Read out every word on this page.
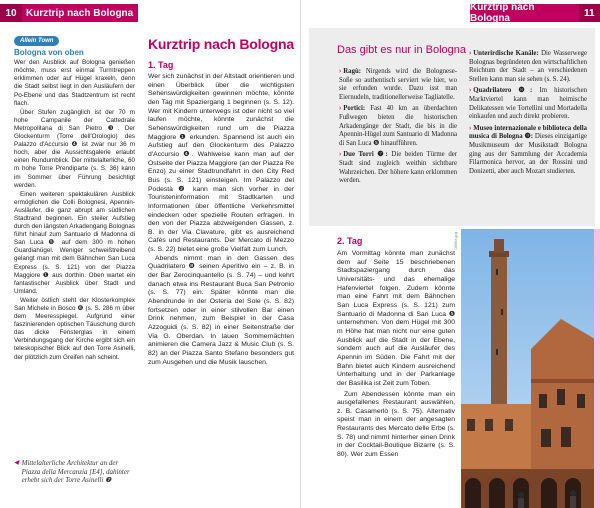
10 Kurztrip nach Bologna
Allein Town
Bologna von oben

Wer den Ausblick auf Bologna genießen möchte, muss erst einmal Turmtreppen erklimmen oder auf Hügel kraxeln, denn die Stadt selbst liegt in den Ausläufern der Po-Ebene und das Stadtzentrum ist recht flach.

Über Stufen zugänglich ist der 70 m hohe Campanile der Cattedrale Metropolitana di San Pietro ❸. Der Glockenturm (Torre dell'Orologio) des Palazzo d'Accursio ❹ ist zwar nur 36 m hoch, aber die Aussichtsgalerie erlaubt einen Rundumblick. Der mittelalterliche, 60 m hohe Torre Prendiparte (s. S. 36) kann im Sommer über Führung besichtigt werden.

Einen weiteren spektakulären Ausblick ermöglichen die Colli Bolognesi, Apennin-Ausläufer, die ganz abrupt am südlichen Stadtrand beginnen. Ein steiler Aufstieg durch den längsten Arkadengang Bolognas führt hinauf zum Santuario di Madonna di San Luca ❺ auf dem 300 m hohen Guardiahügel. Weniger schweißtreibend gelangt man mit dem Bähnchen San Luca Express (s. S. 121) von der Piazza Maggiore ❶ aus dorthin. Oben wartet ein fantastischer Ausblick über Stadt und Umland.

Weiter östlich steht der Klosterkomplex San Michele in Bosco ❻ (s. S. 286 m über dem Meeresspiegel. Aufgrund einer faszinierenden optischen Täuschung durch das dicke Fensterglas in einem Verbindungsgang der Kirche ergibt sich ein teleskopischer Blick auf den Torre Asinelli, der plötzlich zum Greifen nah scheint.

◀ Mittelalterliche Architektur an der Piazza della Mercanzia [E4], dahinter erhebt sich der Torre Asinelli ❼
Kurztrip nach Bologna
1. Tag

Wer sich zunächst in der Altstadt orientieren und einen Überblick über die wichtigsten Sehenswürdigkeiten gewinnen möchte, könnte den Tag mit Spaziergang 1 beginnen (s. S. 12). Wer mit Kindern unterwegs ist oder nicht so viel laufen möchte, könnte zunächst die Sehenswürdigkeiten rund um die Piazza Maggiore ❶ erkunden. Spannend ist auch ein Aufstieg auf den Glockenturm des Palazzo d'Accursio ❹. Wahlweise kann man auf der Ostseite der Piazza Maggiore (an der Piazza Re Enzo) zu einer Stadtrundfahrt in den City Red Bus (s. S. 121) einsteigen. Im Palazzo del Podestà ❷ kann man sich vorher in der Touristeninformation mit Stadtkarten und Informationen über öffentliche Verkehrsmittel eindecken oder spezielle Routen erfragen. In den von der Piazza abzweigenden Gassen, z. B. in der Via Clavature, gibt es ausreichend Cafés und Restaurants. Der Mercato di Mezzo (s. S. 22) bietet eine große Vielfalt zum Lunch.

Abends nimmt man in den Gassen des Quadrilatero ❽ seinen Aperitivo ein – z. B. in der Bar Zerocinquantello (s. S. 74) – und kehrt danach etwa ins Restaurant Buca San Petronio (s. S. 77) ein. Später könnte man die Abendrunde in der Osteria del Sole (s. S. 82) fortsetzen oder in einer stilvollen Bar einen Drink nehmen, zum Beispiel in der Casa Azzoguidi (s. S. 82) in einer Seitenstraße der Via G. Oberdan. In lauen Sommernächten animieren die Camera Jazz & Music Club (s. S. 82) an der Piazza Santo Stefano besonders gut zum Ausgehen und die Musik lauschen.

Kurztrip nach Bologna	11
Das gibt es nur in Bologna
› Ragù: Nirgends wird die Bolognese-Soße so authentisch serviert wie hier, wo sie erfunden wurde. Dazu isst man Eiernudeln, traditionellerweise Tagliatelle.
› Portici: Fast 40 km an überdachten Fußwegen bieten die historischen Arkadengänge der Stadt, die bis in die Apennin-Hügel zum Santuario di Madonna di San Luca ❺ hinaufführen.
› Due Torri ❼: Die beiden Türme der Stadt sind zugleich weithin sichtbare Wahrzeichen. Der höhere kann erklommen werden.
› Unterirdische Kanäle: Die Wasserwege Bolognas begründeten den wirtschaftlichen Reichtum der Stadt – an verschiedenen Stellen kann man sie sehen (s. S. 24).
› Quadrilatero ❽: Im historischen Marktviertel kann man heimische Delikatessen wie Tortellini und Mortadella einkaufen und auch direkt probieren.
› Museo internazionale e biblioteca della musica di Bologna ❾: Dieses einzigartige Musikmuseum der Musikstadt Bologna ging aus der Sammlung der Accademia Filarmonica hervor, an der Rossini und Donizetti, aber auch Mozart studierten.
2. Tag

Am Vormittag könnte man zunächst dem auf Seite 15 beschriebenen Stadtspaziergang durch das Universitäts- und das ehemalige Hafenviertel folgen. Zudem könnte man eine Fahrt mit dem Bähnchen San Luca Express (s. S. 121) zum Santuario di Madonna di San Luca ❺ unternehmen. Von dem Hügel mit 300 m Höhe hat man nicht nur eine guten Ausblick auf die Stadt in der Ebene, sondern auch auf die Ausläufer des Apennin im Süden. Die Fahrt mit der Bahn bietet auch Kindern ausreichend Unterhaltung und in der Parkanlage der Basilika ist Zeit zum Toben.

Zum Abendessen könnte man ein ausgefallenes Restaurant auswählen, z. B. Casamerlò (s. S. 75). Alternativ speist man in einem der angesagten Restaurants des Mercato delle Erbe (s. S. 78) und nimmt hinterher einen Drink in der Cocktail-Boutique Bizarre (s. S. 80). Wer zum Essen

086ba.jpg
